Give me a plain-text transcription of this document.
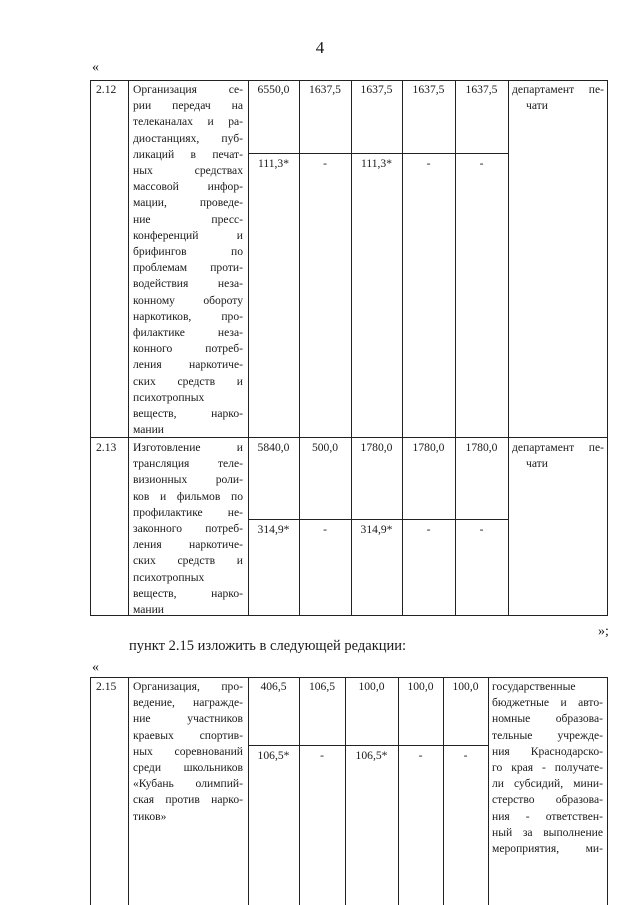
4
«
2.12 Организация се-
рии передач на
телеканалах и ра-
диостанциях, пуб-
ликаций в печат-
ных средствах
массовой инфор-
мации, проведе-
ние пресс-
конференций и
брифингов по
проблемам проти-
водействия неза-
конному обороту
наркотиков, про-
филактике неза-
конного потреб-
ления наркотиче-
ских средств и
психотропных
веществ, нарко-
мании
6550,0	1637,5	1637,5	1637,5	1637,5
111,3*	-	111,3*	-	-
департамент пе-
чати
2.13 Изготовление и
трансляция теле-
визионных роли-
ков и фильмов по
профилактике не-
законного потреб-
ления наркотиче-
ских средств и
психотропных
веществ, нарко-
мании
5840,0	500,0	1780,0	1780,0	1780,0
314,9*	-	314,9*	-	-
департамент пе-
чати
»;
пункт 2.15 изложить в следующей редакции:
«
2.15 Организация, про-
ведение, награжде-
ние участников
краевых спортив-
ных соревнований
среди школьников
«Кубань олимпий-
ская против нарко-
тиков»
406,5	106,5	100,0	100,0	100,0
106,5*	-	106,5*	-	-
государственные
бюджетные и авто-
номные образова-
тельные учрежде-
ния Краснодарско-
го края - получате-
ли субсидий, мини-
стерство образова-
ния - ответствен-
ный за выполнение
мероприятия, ми-
